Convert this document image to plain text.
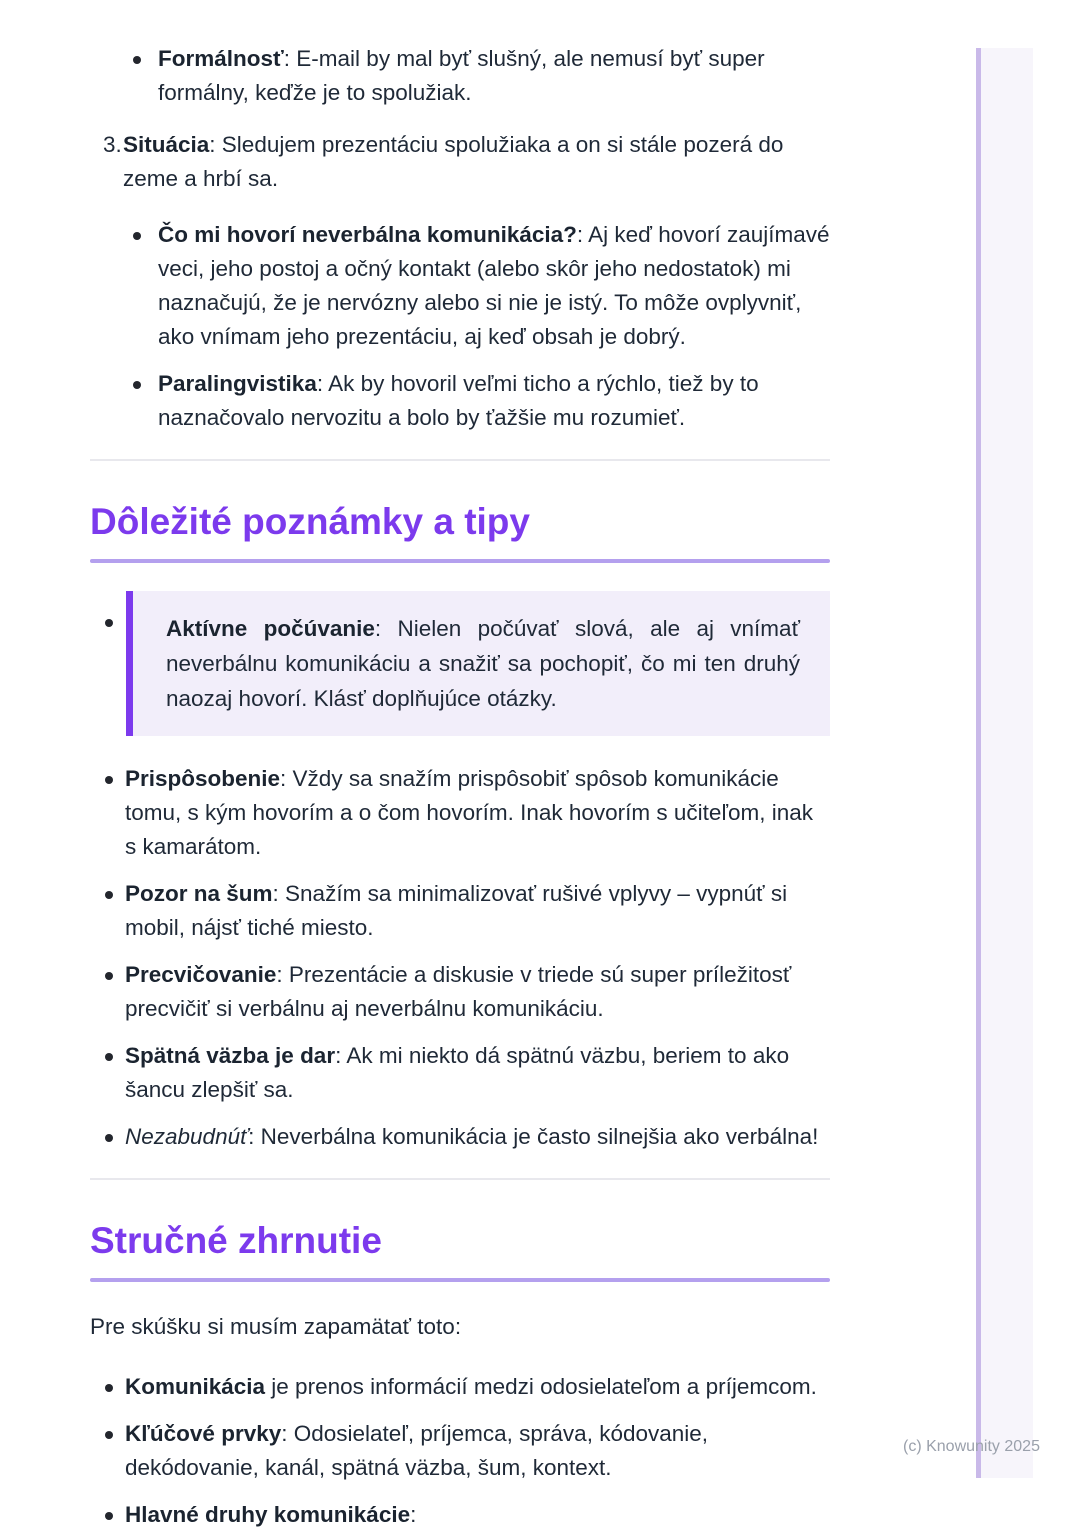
Formálnosť: E-mail by mal byť slušný, ale nemusí byť super formálny, keďže je to spolužiak.

3. Situácia: Sledujem prezentáciu spolužiaka a on si stále pozerá do zeme a hrbí sa.

Čo mi hovorí neverbálna komunikácia?: Aj keď hovorí zaujímavé veci, jeho postoj a očný kontakt (alebo skôr jeho nedostatok) mi naznačujú, že je nervózny alebo si nie je istý. To môže ovplyvniť, ako vnímam jeho prezentáciu, aj keď obsah je dobrý.

Paralingvistika: Ak by hovoril veľmi ticho a rýchlo, tiež by to naznačovalo nervozitu a bolo by ťažšie mu rozumieť.

Dôležité poznámky a tipy

Aktívne počúvanie: Nielen počúvať slová, ale aj vnímať neverbálnu komunikáciu a snažiť sa pochopiť, čo mi ten druhý naozaj hovorí. Klásť doplňujúce otázky.

Prispôsobenie: Vždy sa snažím prispôsobiť spôsob komunikácie tomu, s kým hovorím a o čom hovorím. Inak hovorím s učiteľom, inak s kamarátom.

Pozor na šum: Snažím sa minimalizovať rušivé vplyvy – vypnúť si mobil, nájsť tiché miesto.

Precvičovanie: Prezentácie a diskusie v triede sú super príležitosť precvičiť si verbálnu aj neverbálnu komunikáciu.

Spätná väzba je dar: Ak mi niekto dá spätnú väzbu, beriem to ako šancu zlepšiť sa.

Nezabudnúť: Neverbálna komunikácia je často silnejšia ako verbálna!

Stručné zhrnutie

Pre skúšku si musím zapamätať toto:

Komunikácia je prenos informácií medzi odosielateľom a príjemcom.

Kľúčové prvky: Odosielateľ, príjemca, správa, kódovanie, dekódovanie, kanál, spätná väzba, šum, kontext.

Hlavné druhy komunikácie:

(c) Knowunity 2025
